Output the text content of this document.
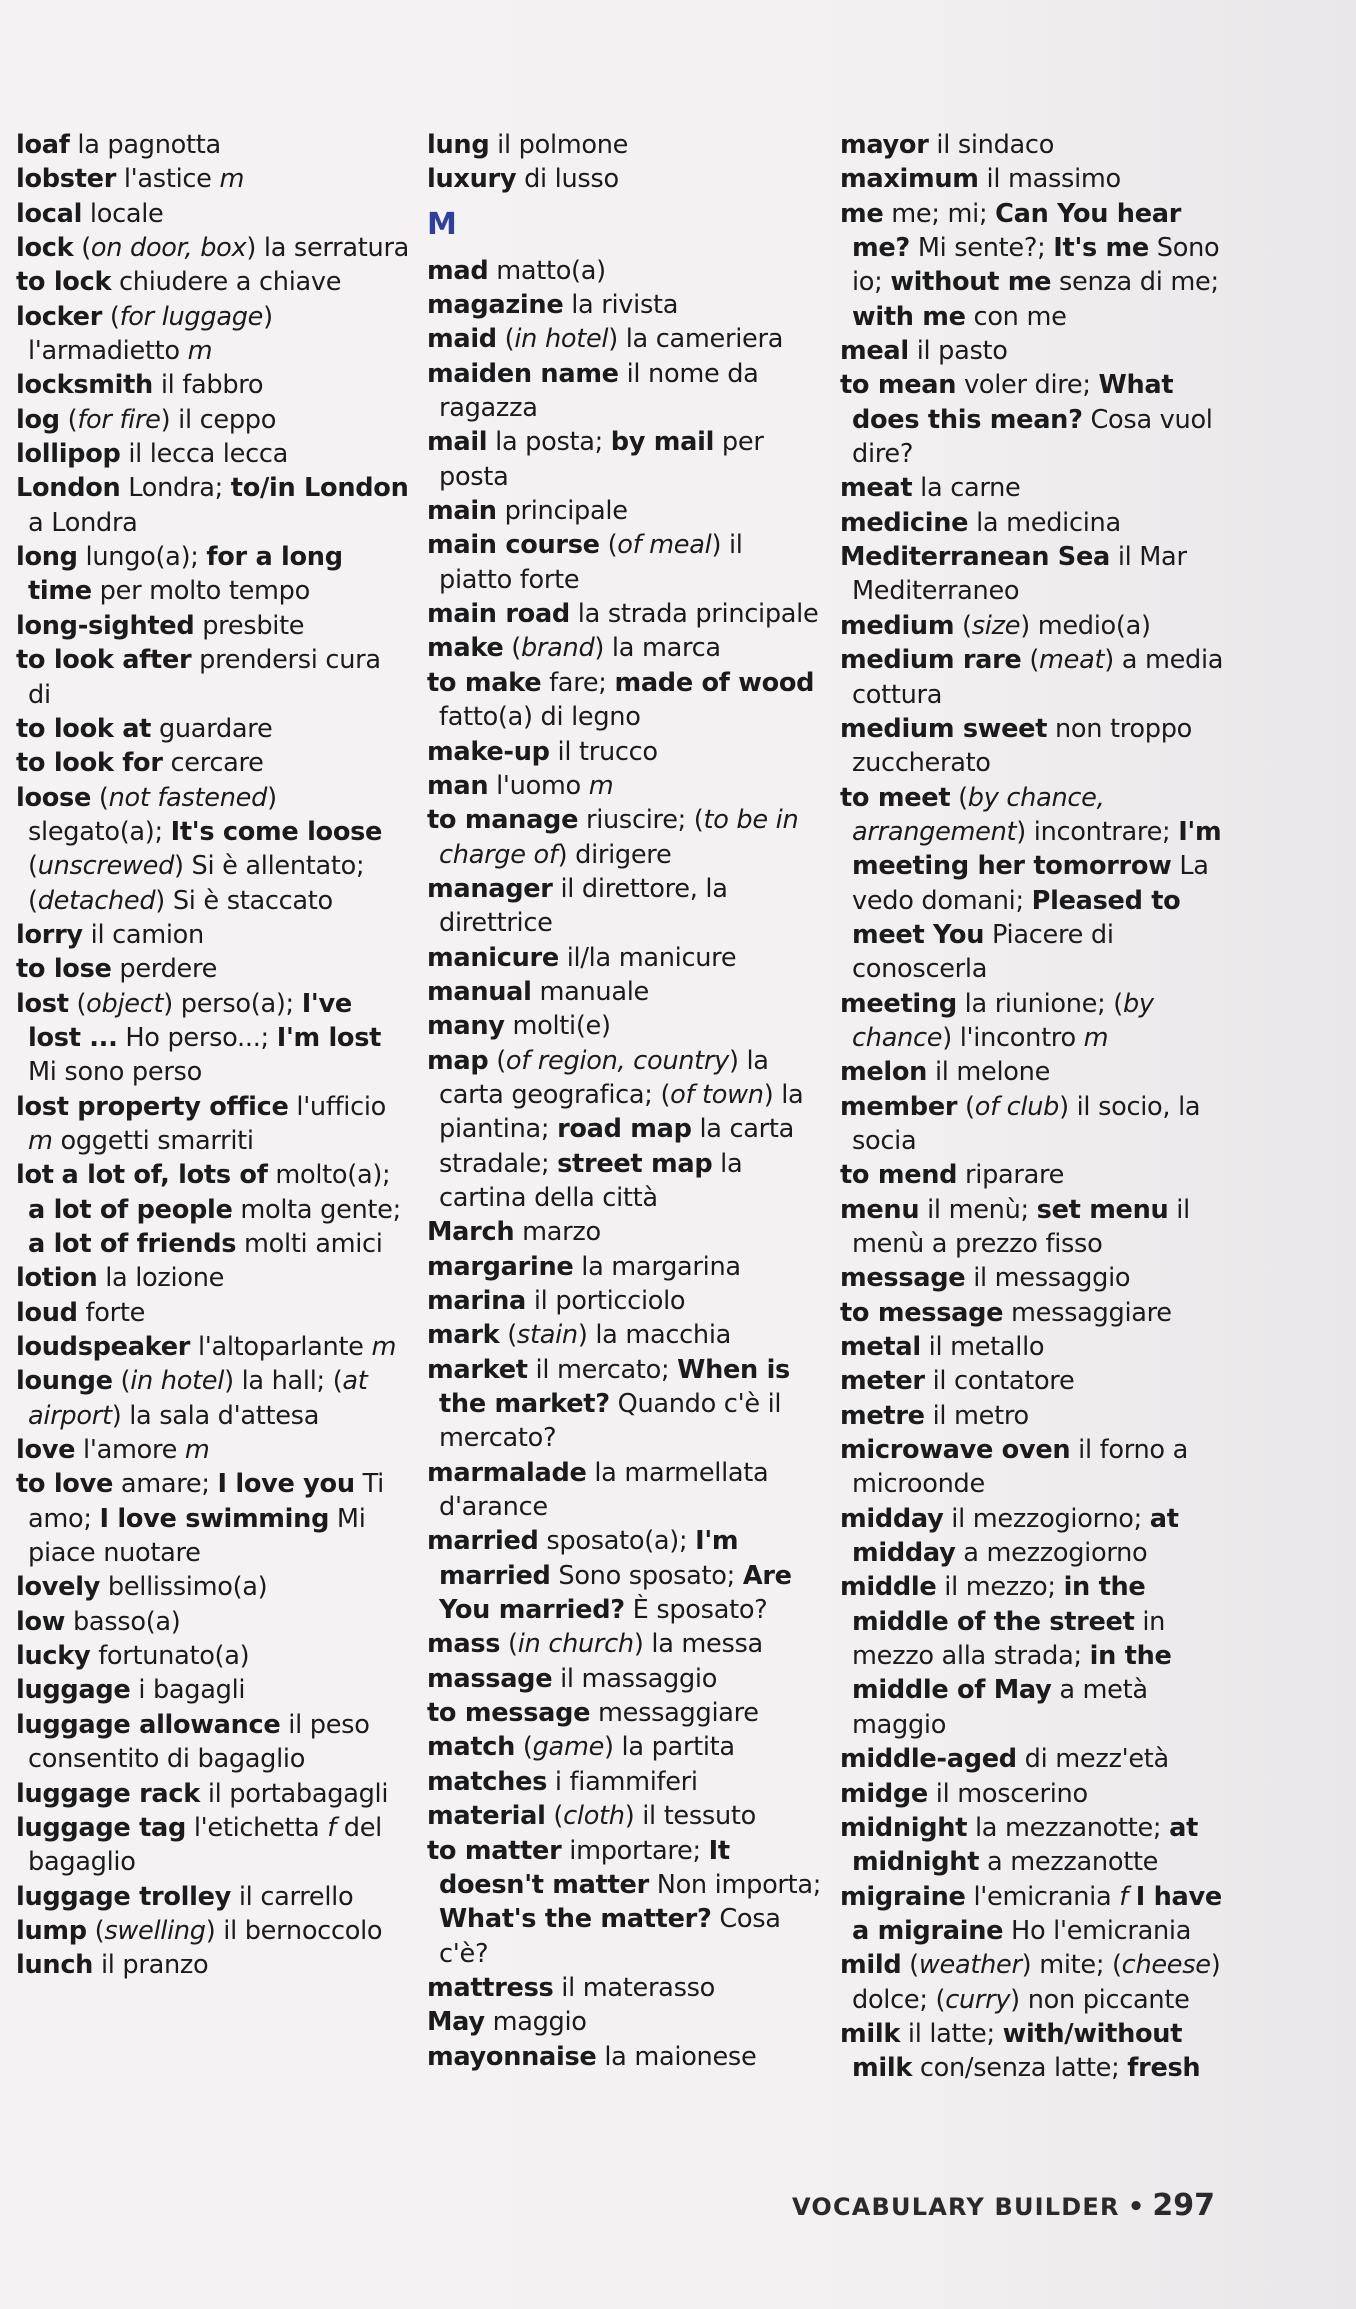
loaf la pagnotta
lobster l'astice m
local locale
lock (on door, box) la serratura
to lock chiudere a chiave
locker (for luggage) l'armadietto m
locksmith il fabbro
log (for fire) il ceppo
lollipop il lecca lecca
London Londra; to/in London a Londra
long lungo(a); for a long time per molto tempo
long-sighted presbite
to look after prendersi cura di
to look at guardare
to look for cercare
loose (not fastened) slegato(a); It's come loose (unscrewed) Si è allentato; (detached) Si è staccato
lorry il camion
to lose perdere
lost (object) perso(a); I've lost ... Ho perso...; I'm lost Mi sono perso
lost property office l'ufficio m oggetti smarriti
lot a lot of, lots of molto(a); a lot of people molta gente; a lot of friends molti amici
lotion la lozione
loud forte
loudspeaker l'altoparlante m
lounge (in hotel) la hall; (at airport) la sala d'attesa
love l'amore m
to love amare; I love you Ti amo; I love swimming Mi piace nuotare
lovely bellissimo(a)
low basso(a)
lucky fortunato(a)
luggage i bagagli
luggage allowance il peso consentito di bagaglio
luggage rack il portabagagli
luggage tag l'etichetta f del bagaglio
luggage trolley il carrello
lump (swelling) il bernoccolo
lunch il pranzo
lung il polmone
luxury di lusso
M
mad matto(a)
magazine la rivista
maid (in hotel) la cameriera
maiden name il nome da ragazza
mail la posta; by mail per posta
main principale
main course (of meal) il piatto forte
main road la strada principale
make (brand) la marca
to make fare; made of wood fatto(a) di legno
make-up il trucco
man l'uomo m
to manage riuscire; (to be in charge of) dirigere
manager il direttore, la direttrice
manicure il/la manicure
manual manuale
many molti(e)
map (of region, country) la carta geografica; (of town) la piantina; road map la carta stradale; street map la cartina della città
March marzo
margarine la margarina
marina il porticciolo
mark (stain) la macchia
market il mercato; When is the market? Quando c'è il mercato?
marmalade la marmellata d'arance
married sposato(a); I'm married Sono sposato; Are You married? È sposato?
mass (in church) la messa
massage il massaggio
to message messaggiare
match (game) la partita
matches i fiammiferi
material (cloth) il tessuto
to matter importare; It doesn't matter Non importa; What's the matter? Cosa c'è?
mattress il materasso
May maggio
mayonnaise la maionese
mayor il sindaco
maximum il massimo
me me; mi; Can You hear me? Mi sente?; It's me Sono io; without me senza di me; with me con me
meal il pasto
to mean voler dire; What does this mean? Cosa vuol dire?
meat la carne
medicine la medicina
Mediterranean Sea il Mar Mediterraneo
medium (size) medio(a)
medium rare (meat) a media cottura
medium sweet non troppo zuccherato
to meet (by chance, arrangement) incontrare; I'm meeting her tomorrow La vedo domani; Pleased to meet You Piacere di conoscerla
meeting la riunione; (by chance) l'incontro m
melon il melone
member (of club) il socio, la socia
to mend riparare
menu il menù; set menu il menù a prezzo fisso
message il messaggio
to message messaggiare
metal il metallo
meter il contatore
metre il metro
microwave oven il forno a microonde
midday il mezzogiorno; at midday a mezzogiorno
middle il mezzo; in the middle of the street in mezzo alla strada; in the middle of May a metà maggio
middle-aged di mezz'età
midge il moscerino
midnight la mezzanotte; at midnight a mezzanotte
migraine l'emicrania f I have a migraine Ho l'emicrania
mild (weather) mite; (cheese) dolce; (curry) non piccante
milk il latte; with/without milk con/senza latte; fresh
VOCABULARY BUILDER • 297
